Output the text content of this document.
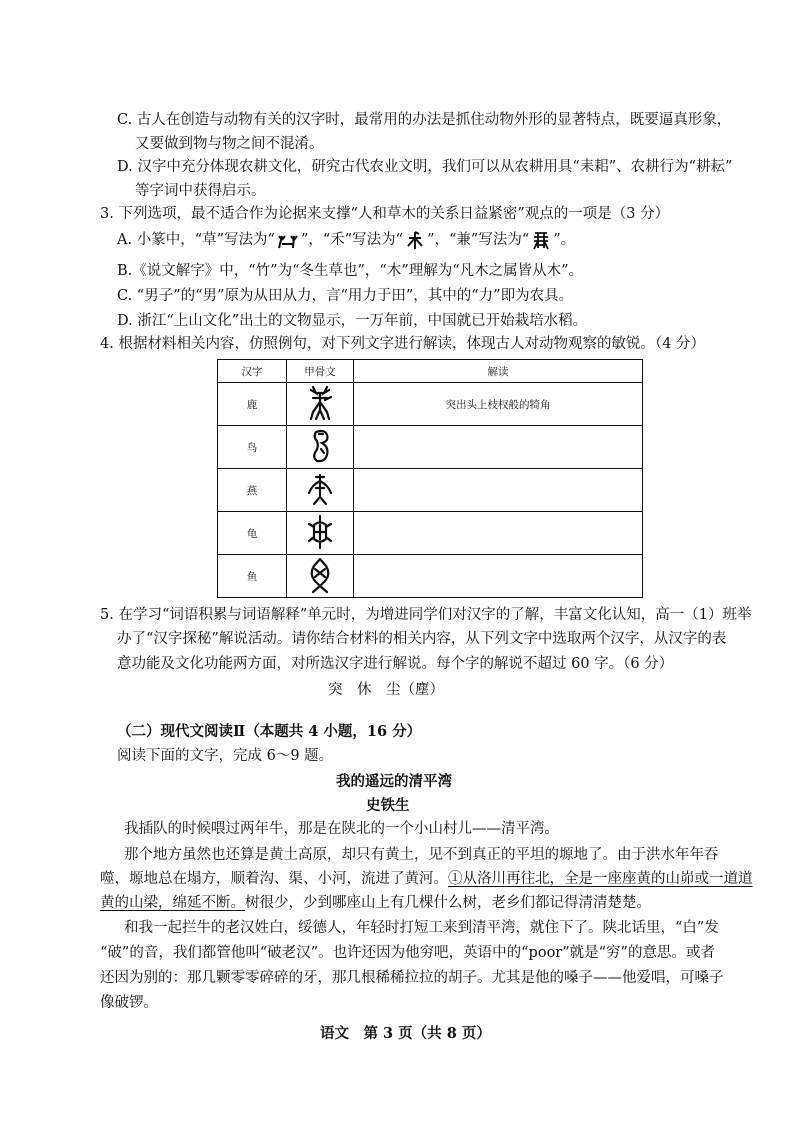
C. 古人在创造与动物有关的汉字时，最常用的办法是抓住动物外形的显著特点，既要逼真形象，
又要做到物与物之间不混淆。
D. 汉字中充分体现农耕文化，研究古代农业文明，我们可以从农耕用具“耒耜”、农耕行为“耕耘”
等字词中获得启示。
3. 下列选项，最不适合作为论据来支撑“人和草木的关系日益紧密”观点的一项是（3 分）
A. 小篆中，“草”写法为“ ”，“禾”写法为“ ”，“兼”写法为“ ”。
B.《说文解字》中，“竹”为“冬生草也”，“木”理解为“凡木之属皆从木”。
C. “男子”的“男”原为从田从力，言“用力于田”，其中的“力”即为农具。
D. 浙江“上山文化”出土的文物显示，一万年前，中国就已开始栽培水稻。
4. 根据材料相关内容，仿照例句，对下列文字进行解读，体现古人对动物观察的敏锐。（4 分）
汉字	甲骨文	解读
鹿		突出头上枝杈般的犄角
鸟		
燕		
龟		
鱼		
5. 在学习“词语积累与词语解释”单元时，为增进同学们对汉字的了解，丰富文化认知，高一（1）班举
办了“汉字探秘”解说活动。请你结合材料的相关内容，从下列文字中选取两个汉字，从汉字的表
意功能及文化功能两方面，对所选汉字进行解说。每个字的解说不超过 60 字。（6 分）
突　休　尘（塵）
（二）现代文阅读Ⅱ（本题共 4 小题，16 分）
阅读下面的文字，完成 6～9 题。
我的遥远的清平湾
史铁生
我插队的时候喂过两年牛，那是在陕北的一个小山村儿——清平湾。
那个地方虽然也还算是黄土高原，却只有黄土，见不到真正的平坦的塬地了。由于洪水年年吞
噬，塬地总在塌方，顺着沟、渠、小河，流进了黄河。①从洛川再往北，全是一座座黄的山峁或一道道
黄的山梁，绵延不断。树很少，少到哪座山上有几棵什么树，老乡们都记得清清楚楚。
和我一起拦牛的老汉姓白，绥德人，年轻时打短工来到清平湾，就住下了。陕北话里，“白”发
“破”的音，我们都管他叫“破老汉”。也许还因为他穷吧，英语中的“poor”就是“穷”的意思。或者
还因为别的：那几颗零零碎碎的牙，那几根稀稀拉拉的胡子。尤其是他的嗓子——他爱唱，可嗓子
像破锣。
语文　第 3 页（共 8 页）
